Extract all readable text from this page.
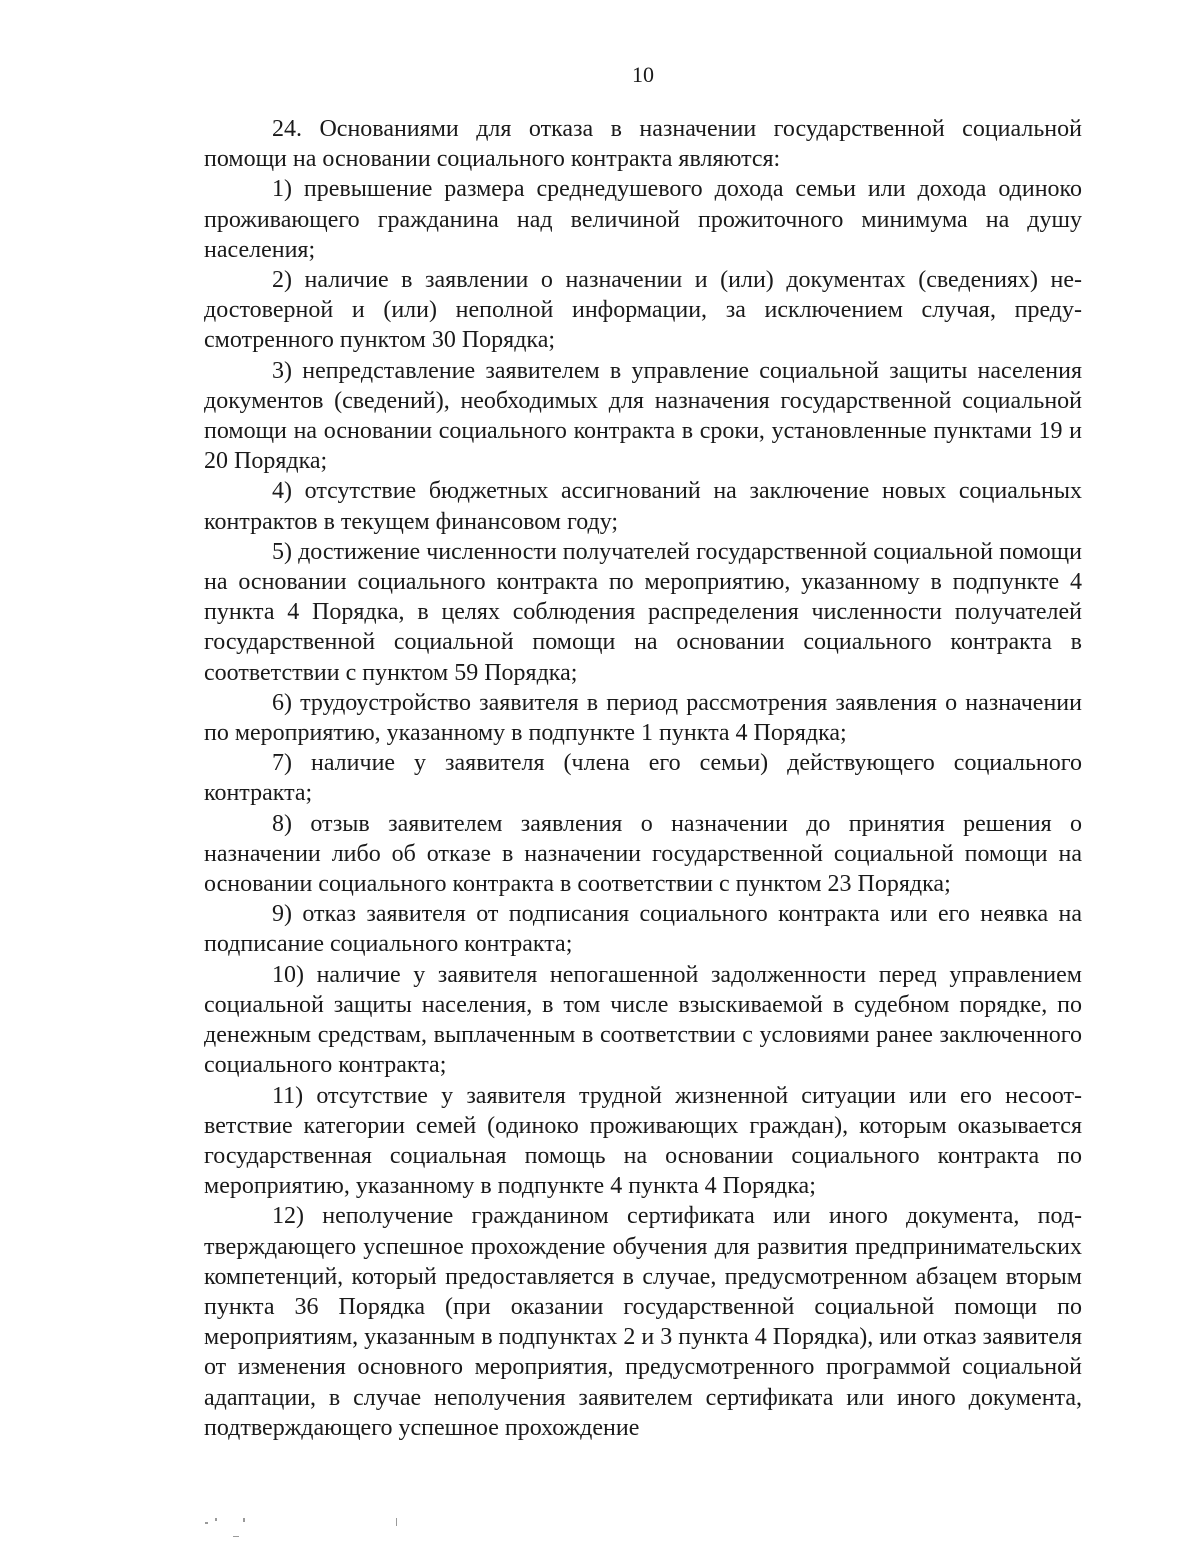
10

24. Основаниями для отказа в назначении государственной социальной помощи на основании социального контракта являются:

1) превышение размера среднедушевого дохода семьи или дохода одиноко проживающего гражданина над величиной прожиточного минимума на душу населения;

2) наличие в заявлении о назначении и (или) документах (сведениях) недостоверной и (или) неполной информации, за исключением случая, предусмотренного пунктом 30 Порядка;

3) непредставление заявителем в управление социальной защиты населения документов (сведений), необходимых для назначения государственной социальной помощи на основании социального контракта в сроки, установленные пунктами 19 и 20 Порядка;

4) отсутствие бюджетных ассигнований на заключение новых социальных контрактов в текущем финансовом году;

5) достижение численности получателей государственной социальной помощи на основании социального контракта по мероприятию, указанному в подпункте 4 пункта 4 Порядка, в целях соблюдения распределения численности получателей государственной социальной помощи на основании социального контракта в соответствии с пунктом 59 Порядка;

6) трудоустройство заявителя в период рассмотрения заявления о назначении по мероприятию, указанному в подпункте 1 пункта 4 Порядка;

7) наличие у заявителя (члена его семьи) действующего социального контракта;

8) отзыв заявителем заявления о назначении до принятия решения о назначении либо об отказе в назначении государственной социальной помощи на основании социального контракта в соответствии с пунктом 23 Порядка;

9) отказ заявителя от подписания социального контракта или его неявка на подписание социального контракта;

10) наличие у заявителя непогашенной задолженности перед управлением социальной защиты населения, в том числе взыскиваемой в судебном порядке, по денежным средствам, выплаченным в соответствии с условиями ранее заключенного социального контракта;

11) отсутствие у заявителя трудной жизненной ситуации или его несоответствие категории семей (одиноко проживающих граждан), которым оказывается государственная социальная помощь на основании социального контракта по мероприятию, указанному в подпункте 4 пункта 4 Порядка;

12) неполучение гражданином сертификата или иного документа, подтверждающего успешное прохождение обучения для развития предпринимательских компетенций, который предоставляется в случае, предусмотренном абзацем вторым пункта 36 Порядка (при оказании государственной социальной помощи по мероприятиям, указанным в подпунктах 2 и 3 пункта 4 Порядка), или отказ заявителя от изменения основного мероприятия, предусмотренного программой социальной адаптации, в случае неполучения заявителем сертификата или иного документа, подтверждающего успешное прохождение
